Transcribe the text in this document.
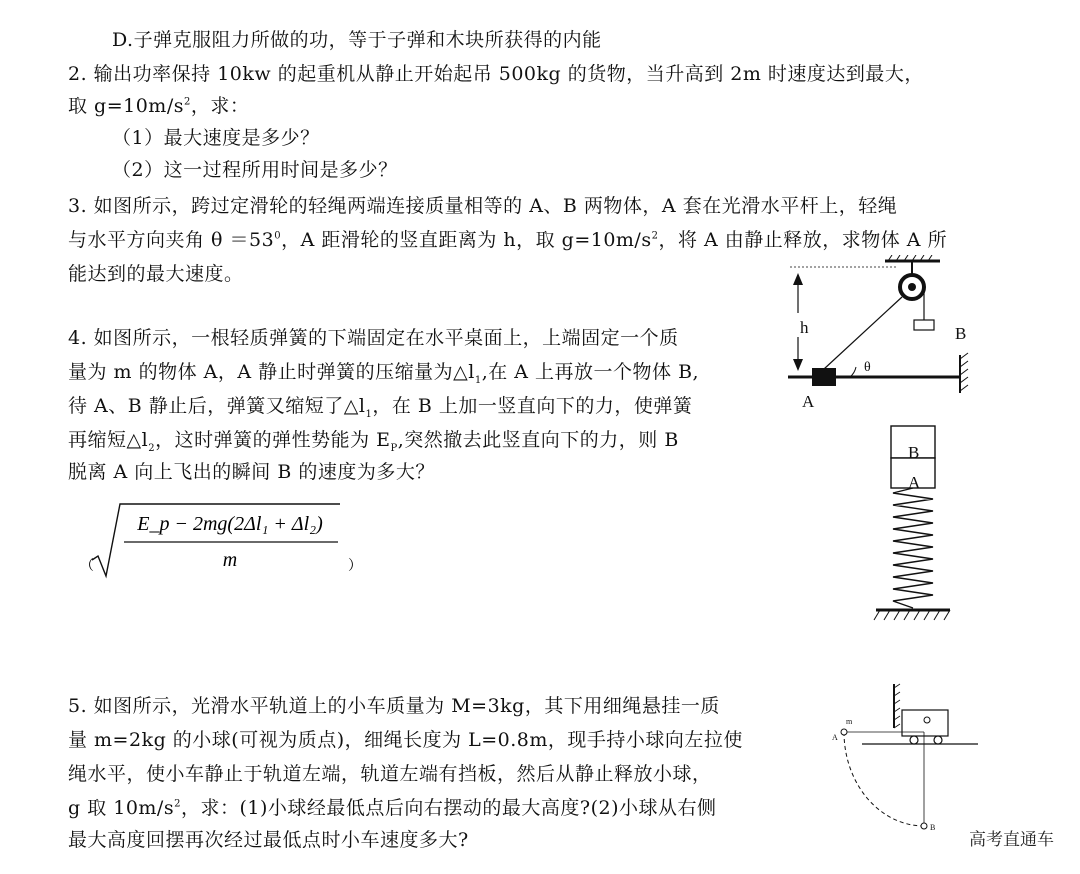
D.子弹克服阻力所做的功，等于子弹和木块所获得的内能
2. 输出功率保持 10kw 的起重机从静止开始起吊 500kg 的货物，当升高到 2m 时速度达到最大，
取 $g=10m/s^2$，求：
（1）最大速度是多少？
（2）这一过程所用时间是多少？
3. 如图所示，跨过定滑轮的轻绳两端连接质量相等的 A、B 两物体，A 套在光滑水平杆上，轻绳
与水平方向夹角 $\theta =53^0$，A 距滑轮的竖直距离为 h，取 $g=10m/s^2$，将 A 由静止释放，求物体 A 所
能达到的最大速度。
4. 如图所示，一根轻质弹簧的下端固定在水平桌面上，上端固定一个质
量为 m 的物体 A，A 静止时弹簧的压缩量为$\triangle l_1$,在 A 上再放一个物体 B,
待 A、B 静止后，弹簧又缩短了$\triangle l_1$，在 B 上加一竖直向下的力，使弹簧
再缩短$\triangle l_2$，这时弹簧的弹性势能为 $E_P$,突然撤去此竖直向下的力，则 B
脱离 A 向上飞出的瞬间 B 的速度为多大？
（
E_p − 2mg(2Δl₁ + Δl₂)
m	）
5. 如图所示，光滑水平轨道上的小车质量为 M=3kg，其下用细绳悬挂一质
量 m=2kg 的小球(可视为质点)，细绳长度为 L=0.8m，现手持小球向左拉使
绳水平，使小车静止于轨道左端，轨道左端有挡板，然后从静止释放小球，
g 取 $10m/s^2$，求：(1)小球经最低点后向右摆动的最大高度?(2)小球从右侧
最大高度回摆再次经过最低点时小车速度多大?
h
θ
A
B
B
A
m
A
B
高考直通车
